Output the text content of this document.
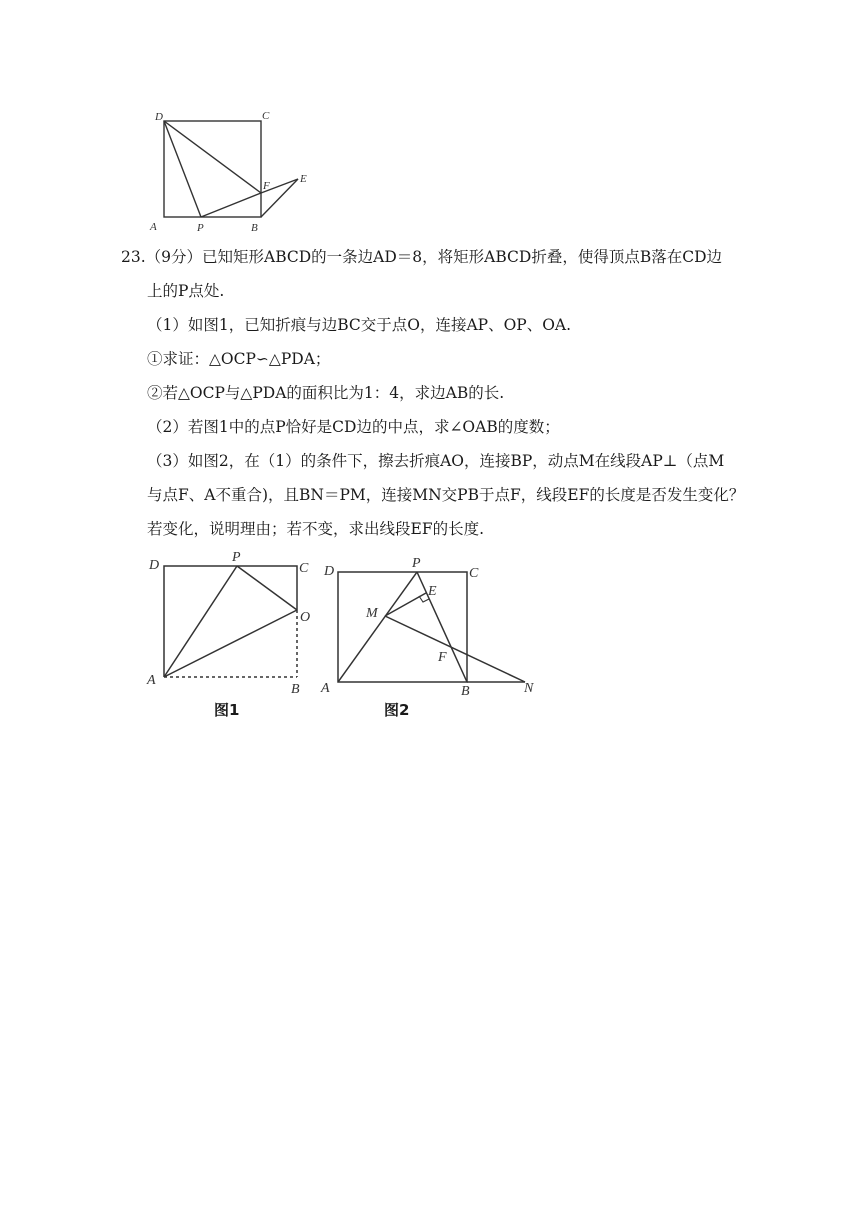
D	C
A	P	B
F
E
23.（9分）已知矩形ABCD的一条边AD＝8，将矩形ABCD折叠，使得顶点B落在CD边
上的P点处.
（1）如图1，已知折痕与边BC交于点O，连接AP、OP、OA.
①求证：△OCP∽△PDA；
②若△OCP与△PDA的面积比为1：4，求边AB的长.
（2）若图1中的点P恰好是CD边的中点，求∠OAB的度数；
（3）如图2，在（1）的条件下，擦去折痕AO，连接BP，动点M在线段AP⊥（点M
与点F、A不重合)，且BN＝PM，连接MN交PB于点F，线段EF的长度是否发生变化？
若变化，说明理由；若不变，求出线段EF的长度.
D
P
C
O
A
B
图1
D
P
C
E
M
F
A	B	N
图2
